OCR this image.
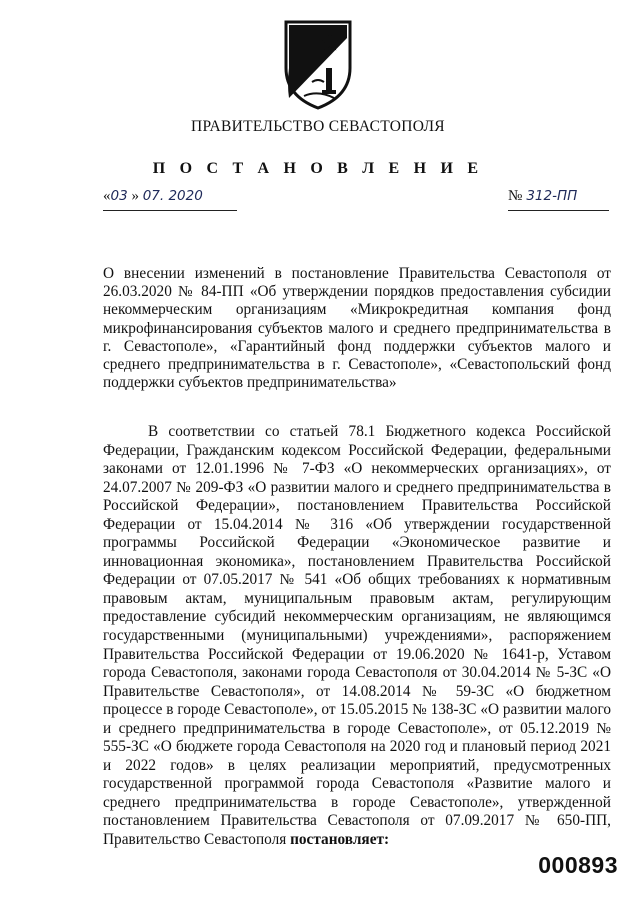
ПРАВИТЕЛЬСТВО СЕВАСТОПОЛЯ
П О С Т А Н О В Л Е Н И Е
«03 » 07. 2020	№ 312-ПП
О внесении изменений в постановление Правительства Севастополя от 26.03.2020 № 84-ПП «Об утверждении порядков предоставления субсидии некоммерческим организациям «Микрокредитная компания фонд микрофинансирования субъектов малого и среднего предпринимательства в г. Севастополе», «Гарантийный фонд поддержки субъектов малого и среднего предпринимательства в г. Севастополе», «Севастопольский фонд поддержки субъектов предпринимательства»
В соответствии со статьей 78.1 Бюджетного кодекса Российской Федерации, Гражданским кодексом Российской Федерации, федеральными законами от 12.01.1996 № 7-ФЗ «О некоммерческих организациях», от 24.07.2007 № 209-ФЗ «О развитии малого и среднего предпринимательства в Российской Федерации», постановлением Правительства Российской Федерации от 15.04.2014 № 316 «Об утверждении государственной программы Российской Федерации «Экономическое развитие и инновационная экономика», постановлением Правительства Российской Федерации от 07.05.2017 № 541 «Об общих требованиях к нормативным правовым актам, муниципальным правовым актам, регулирующим предоставление субсидий некоммерческим организациям, не являющимся государственными (муниципальными) учреждениями», распоряжением Правительства Российской Федерации от 19.06.2020 № 1641-р, Уставом города Севастополя, законами города Севастополя от 30.04.2014 № 5-ЗС «О Правительстве Севастополя», от 14.08.2014 № 59-ЗС «О бюджетном процессе в городе Севастополе», от 15.05.2015 № 138-ЗС «О развитии малого и среднего предпринимательства в городе Севастополе», от 05.12.2019 № 555-ЗС «О бюджете города Севастополя на 2020 год и плановый период 2021 и 2022 годов» в целях реализации мероприятий, предусмотренных государственной программой города Севастополя «Развитие малого и среднего предпринимательства в городе Севастополе», утвержденной постановлением Правительства Севастополя от 07.09.2017 № 650-ПП, Правительство Севастополя постановляет:
000893
